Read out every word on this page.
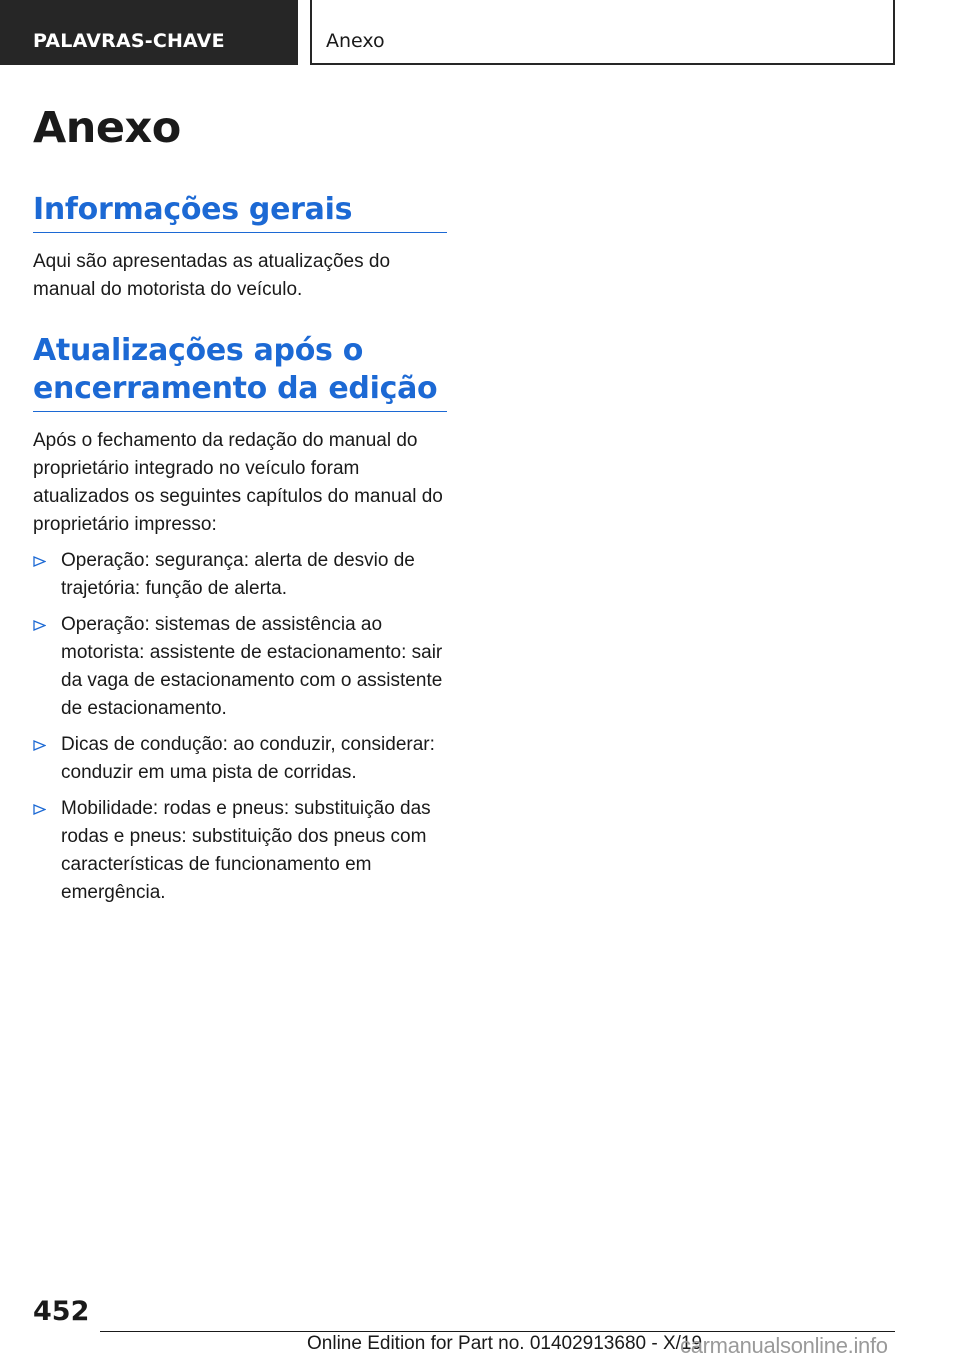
PALAVRAS-CHAVE	Anexo
Anexo
Informações gerais

Aqui são apresentadas as atualizações do manual do motorista do veículo.

Atualizações após o encerramento da edição

Após o fechamento da redação do manual do proprietário integrado no veículo foram atualizados os seguintes capítulos do manual do proprietário impresso:

Operação: segurança: alerta de desvio de trajetória: função de alerta.
Operação: sistemas de assistência ao motorista: assistente de estacionamento: sair da vaga de estacionamento com o assistente de estacionamento.
Dicas de condução: ao conduzir, considerar: conduzir em uma pista de corridas.
Mobilidade: rodas e pneus: substituição das rodas e pneus: substituição dos pneus com características de funcionamento em emergência.
452
Online Edition for Part no. 01402913680 - X/19
carmanualsonline.info
